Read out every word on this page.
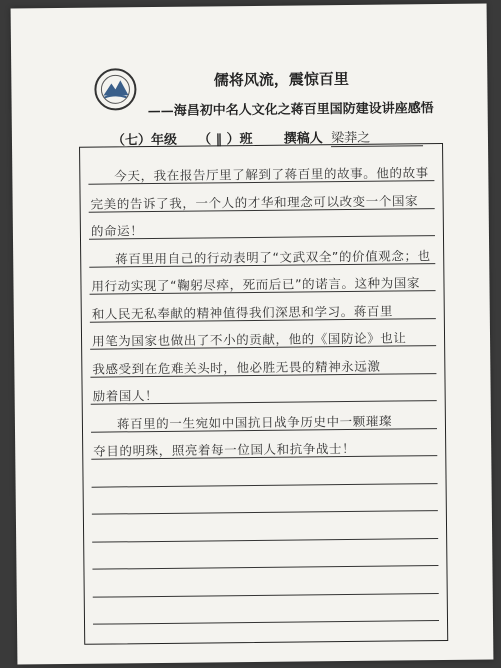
儒将风流，震惊百里
——海昌初中名人文化之蒋百里国防建设讲座感悟
（七）年级 （ ‖ ）班 撰稿人 梁莽之
今天，我在报告厅里了解到了蒋百里的故事。他的故事
完美的告诉了我，一个人的才华和理念可以改变一个国家
的命运！
蒋百里用自己的行动表明了“文武双全”的价值观念；也
用行动实现了“鞠躬尽瘁，死而后已”的诺言。这种为国家
和人民无私奉献的精神值得我们深思和学习。蒋百里
用笔为国家也做出了不小的贡献，他的《国防论》也让
我感受到在危难关头时，他必胜无畏的精神永远激
励着国人！
蒋百里的一生宛如中国抗日战争历史中一颗璀璨
夺目的明珠，照亮着每一位国人和抗争战士！
